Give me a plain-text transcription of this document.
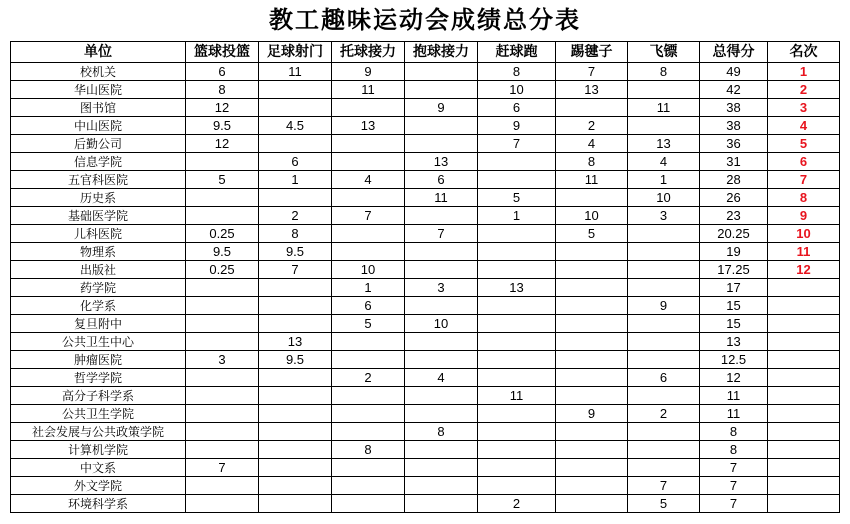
教工趣味运动会成绩总分表
单位	篮球投篮	足球射门	托球接力	抱球接力	赶球跑	踢毽子	飞镖	总得分	名次
校机关	6	11	9		8	7	8	49	1
华山医院	8		11		10	13		42	2
图书馆	12			9	6		11	38	3
中山医院	9.5	4.5	13		9	2		38	4
后勤公司	12				7	4	13	36	5
信息学院		6		13		8	4	31	6
五官科医院	5	1	4	6		11	1	28	7
历史系				11	5		10	26	8
基础医学院		2	7		1	10	3	23	9
儿科医院	0.25	8		7		5		20.25	10
物理系	9.5	9.5						19	11
出版社	0.25	7	10					17.25	12
药学院			1	3	13			17	
化学系			6				9	15	
复旦附中			5	10				15	
公共卫生中心		13						13	
肿瘤医院	3	9.5						12.5	
哲学学院			2	4			6	12	
高分子科学系					11			11	
公共卫生学院						9	2	11	
社会发展与公共政策学院				8				8	
计算机学院			8					8	
中文系	7							7	
外文学院							7	7	
环境科学系					2		5	7	
